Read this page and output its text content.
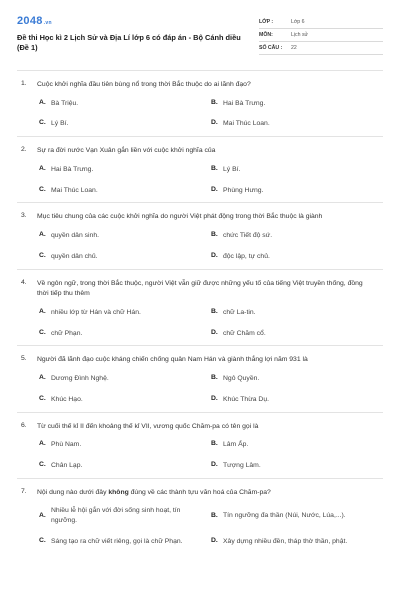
2048 .vn
Đề thi Học kì 2 Lịch Sử và Địa Lí lớp 6 có đáp án - Bộ Cánh diều (Đề 1)
LỚP :	Lớp 6
MÔN:	Lịch sử
SỐ CÂU :	22
1.	Cuộc khởi nghĩa đầu tiên bùng nổ trong thời Bắc thuộc do ai lãnh đạo?
A. Bà Triệu.	B. Hai Bà Trưng.
C. Lý Bí.	D. Mai Thúc Loan.
2.	Sự ra đời nước Vạn Xuân gắn liền với cuộc khởi nghĩa của
A. Hai Bà Trưng.	B. Lý Bí.
C. Mai Thúc Loan.	D. Phùng Hưng.
3.	Mục tiêu chung của các cuộc khởi nghĩa do người Việt phát động trong thời Bắc thuộc là giành
A. quyền dân sinh.	B. chức Tiết độ sứ.
C. quyền dân chủ.	D. độc lập, tự chủ.
4.	Về ngôn ngữ, trong thời Bắc thuộc, người Việt vẫn giữ được những yếu tố của tiếng Việt truyền thống, đồng thời tiếp thu thêm
A. nhiều lớp từ Hán và chữ Hán.	B. chữ La-tin.
C. chữ Phạn.	D. chữ Chăm cổ.
5.	Người đã lãnh đạo cuộc kháng chiến chống quân Nam Hán và giành thắng lợi năm 931 là
A. Dương Đình Nghệ.	B. Ngô Quyền.
C. Khúc Hạo.	D. Khúc Thừa Dụ.
6.	Từ cuối thế kỉ II đến khoảng thế kỉ VII, vương quốc Chăm-pa có tên gọi là
A. Phù Nam.	B. Lâm Ấp.
C. Chân Lạp.	D. Tượng Lâm.
7.	Nội dung nào dưới đây không đúng về các thành tựu văn hoá của Chăm-pa?
A.
Nhiều lễ hội gắn với đời sống sinh hoạt, tín ngưỡng.
B. Tín ngưỡng đa thần (Núi, Nước, Lúa,...).
C. Sáng tạo ra chữ viết riêng, gọi là chữ Phạn.	D. Xây dựng nhiều đền, tháp thờ thần, phật.
